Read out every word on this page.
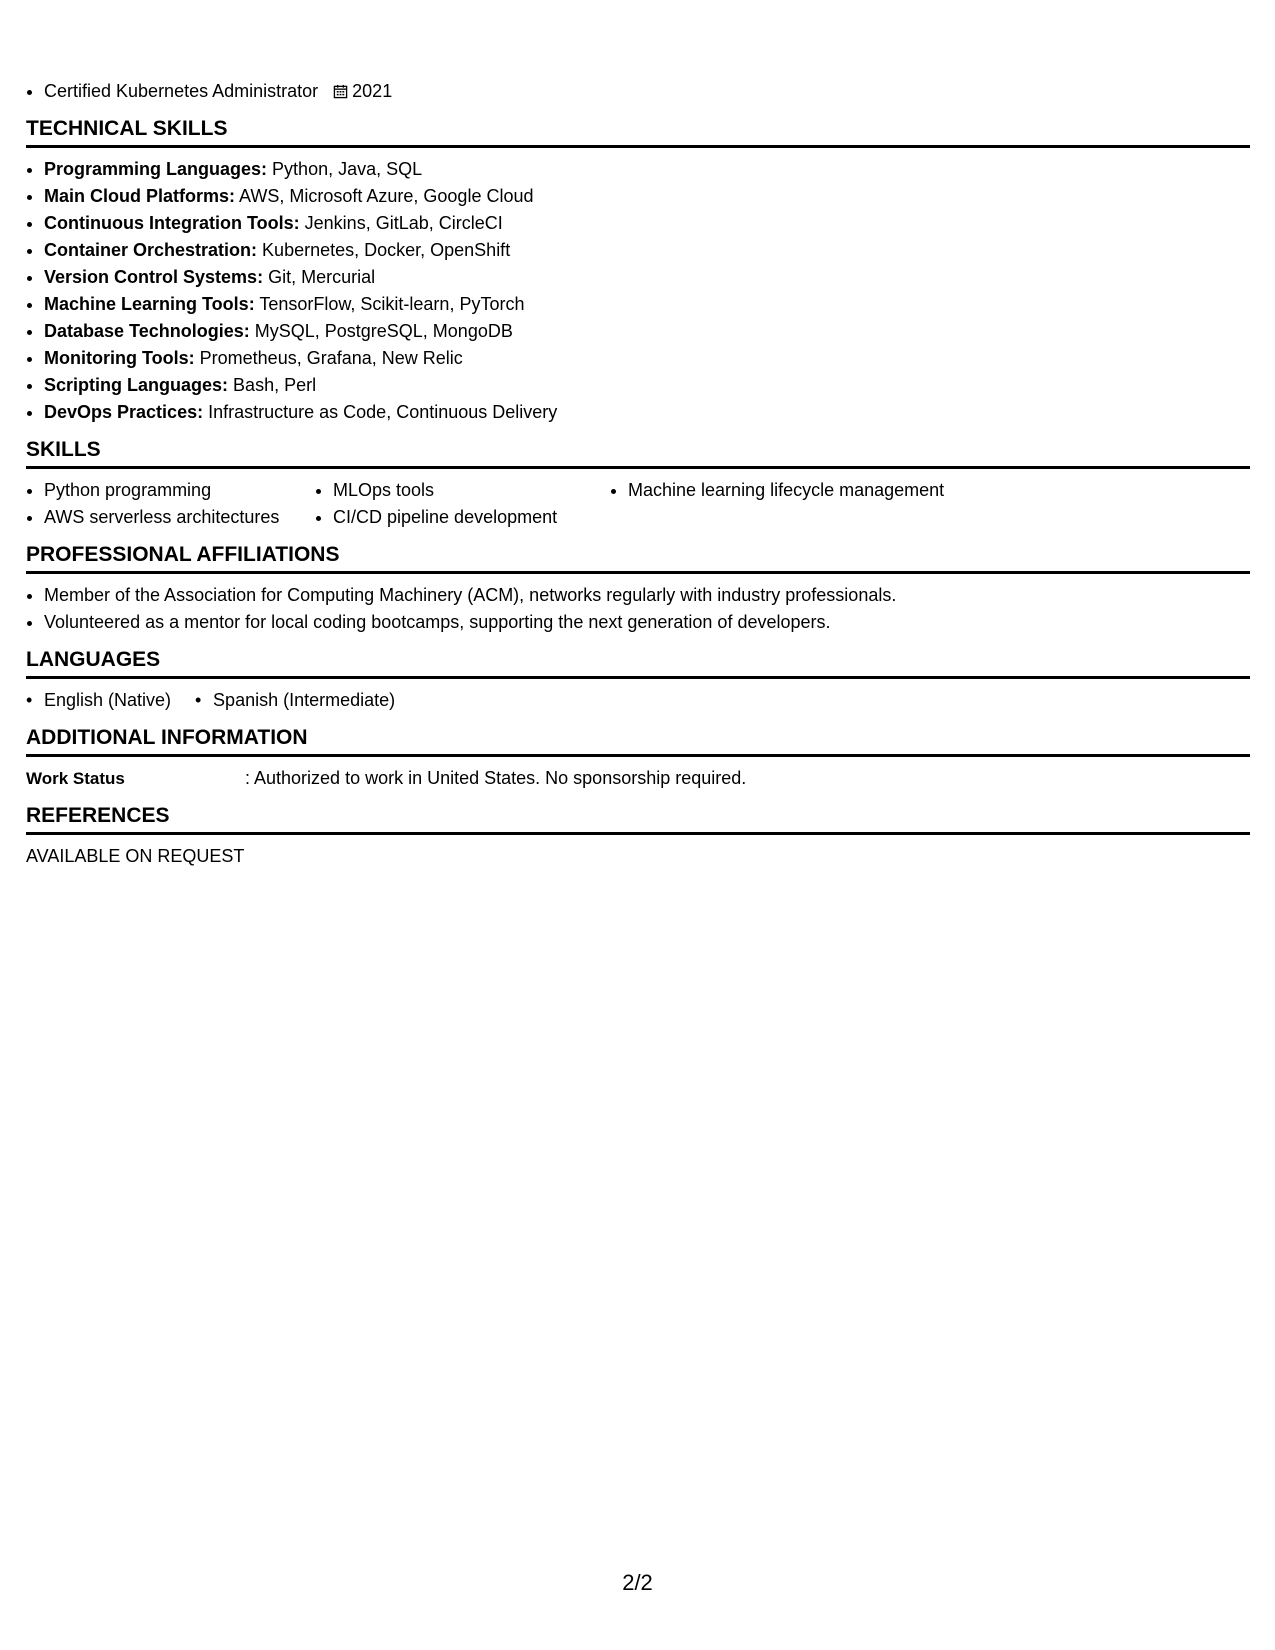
• Certified Kubernetes Administrator 2021
TECHNICAL SKILLS
• Programming Languages: Python, Java, SQL
• Main Cloud Platforms: AWS, Microsoft Azure, Google Cloud
• Continuous Integration Tools: Jenkins, GitLab, CircleCI
• Container Orchestration: Kubernetes, Docker, OpenShift
• Version Control Systems: Git, Mercurial
• Machine Learning Tools: TensorFlow, Scikit-learn, PyTorch
• Database Technologies: MySQL, PostgreSQL, MongoDB
• Monitoring Tools: Prometheus, Grafana, New Relic
• Scripting Languages: Bash, Perl
• DevOps Practices: Infrastructure as Code, Continuous Delivery
SKILLS
• Python programming
• AWS serverless architectures
• MLOps tools
• CI/CD pipeline development
• Machine learning lifecycle management
PROFESSIONAL AFFILIATIONS
• Member of the Association for Computing Machinery (ACM), networks regularly with industry professionals.
• Volunteered as a mentor for local coding bootcamps, supporting the next generation of developers.
LANGUAGES
• English (Native)
•	Spanish (Intermediate)
ADDITIONAL INFORMATION
Work Status	: Authorized to work in United States. No sponsorship required.
REFERENCES
AVAILABLE ON REQUEST
2/2
